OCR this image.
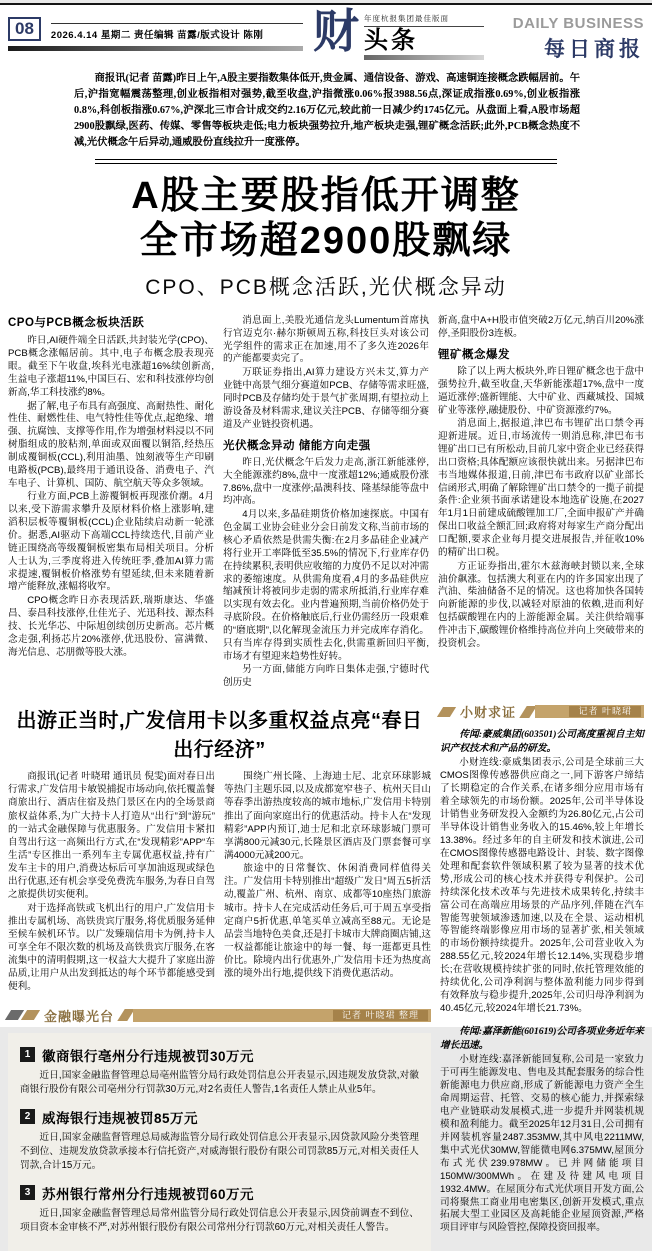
08	2026.4.14 星期二 责任编辑 苗露/版式设计 陈刚	财 年度杭报集团最佳版面
头条
DAILY BUSINESS
每日商报

商报讯(记者 苗露)昨日上午,A股主要指数集体低开,贵金属、通信设备、游戏、高速铜连接概念跌幅居前。午后,沪指宽幅震荡整理,创业板指相对强势,截至收盘,沪指微涨0.06%报3988.56点,深证成指涨0.69%,创业板指涨0.8%,科创板指涨0.67%,沪深北三市合计成交约2.16万亿元,较此前一日减少约1745亿元。从盘面上看,A股市场超2900股飘绿,医药、传媒、零售等板块走低;电力板块强势拉升,地产板块走强,锂矿概念活跃;此外,PCB概念热度不减,光伏概念午后异动,通威股份直线拉升一度涨停。

A股主要股指低开调整
全市场超2900股飘绿
CPO、PCB概念活跃,光伏概念异动
CPO与PCB概念板块活跃

昨日,AI硬件端全日活跃,共封装光学(CPO)、PCB概念涨幅居前。其中,电子布概念股表现亮眼。截至下午收盘,埃科光电涨超16%续创新高,生益电子涨超11%,中国巨石、宏和科技涨停均创新高,华工科技涨约8%。

据了解,电子布具有高强度、高耐热性、耐化性佳、耐燃性佳、电气特性佳等优点,起绝缘、增强、抗腐蚀、支撑等作用,作为增强材料浸以不同树脂组成的胶粘剂,单面或双面覆以铜箔,经热压制成覆铜板(CCL),利用油墨、蚀刻液等生产印刷电路板(PCB),最终用于通讯设备、消费电子、汽车电子、计算机、国防、航空航天等众多领域。

行业方面,PCB上游覆铜板再现涨价潮。4月以来,受下游需求攀升及原材料价格上涨影响,建滔积层板等覆铜板(CCL)企业陆续启动新一轮涨价。据悉,AI驱动下高端CCL持续迭代,目前产业链正围绕高等级覆铜板密集布局相关项目。分析人士认为,三季度将进入传统旺季,叠加AI算力需求提速,覆铜板价格涨势有望延续,但未来随着新增产能释放,涨幅将收窄。

CPO概念昨日亦表现活跃,瑞斯康达、华盛昌、泰昌科技涨停,仕佳光子、光迅科技、源杰科技、长光华芯、中际旭创续创历史新高。芯片概念走强,利扬芯片20%涨停,优迅股份、富满微、海光信息、芯朋微等股大涨。

消息面上,美股光通信龙头Lumentum首席执行官迈克尔·赫尔斯顿周五称,科技巨头对该公司光学组件的需求正在加速,用不了多久连2026年的产能都要卖完了。

万联证券指出,AI算力建设方兴未艾,算力产业链中高景气细分赛道如PCB、存储等需求旺盛,同时PCB及存储均处于景气扩张周期,有望拉动上游设备及材料需求,建议关注PCB、存储等细分赛道及产业链投资机遇。

光伏概念异动 储能方向走强

昨日,光伏概念午后发力走高,浙江新能涨停,大全能源涨约8%,盘中一度涨超12%;通威股份涨7.86%,盘中一度涨停;晶澳科技、隆基绿能等盘中均冲高。

4月以来,多晶硅期货价格加速探底。中国有色金属工业协会硅业分会日前发文称,当前市场的核心矛盾依然是供需失衡:在2月多晶硅企业减产将行业开工率降低至35.5%的情况下,行业库存仍在持续累积,表明供应收缩的力度仍不足以对冲需求的萎缩速度。从供需角度看,4月的多晶硅供应缩减预计将被同步走弱的需求所抵消,行业库存难以实现有效去化。业内普遍预期,当前价格仍处于寻底阶段。在价格触底后,行业仍需经历一段艰难的“磨底期”,以化解现金流压力并完成库存消化。只有当库存得到实质性去化,供需重新回归平衡,市场才有望迎来趋势性好转。

另一方面,储能方向昨日集体走强,宁德时代创历史

新高,盘中A+H股市值突破2万亿元,纳百川20%涨停,圣阳股份3连板。

锂矿概念爆发

除了以上两大板块外,昨日锂矿概念也于盘中强势拉升,截至收盘,天华新能涨超17%,盘中一度逼近涨停;盛新锂能、大中矿业、西藏城投、国城矿业等涨停,融捷股份、中矿资源涨约7%。

消息面上,据报道,津巴布韦锂矿出口禁令再迎新进展。近日,市场流传一则消息称,津巴布韦锂矿出口已有所松动,目前几家中资企业已经获得出口资格;具体配额应该很快就出来。另据津巴布韦当地媒体报道,日前,津巴布韦政府以矿业部长信函形式,明确了解除锂矿出口禁令的一揽子前提条件:企业须书面承诺建设本地选矿设施,在2027年1月1日前建成硫酸锂加工厂,全面申报矿产并确保出口收益全额汇回;政府将对每家生产商分配出口配额,要求企业每月提交进展报告,并征收10%的精矿出口税。

方正证券指出,霍尔木兹海峡封锁以来,全球油价飙涨。包括澳大利亚在内的许多国家出现了汽油、柴油储备不足的情况。这也将加快各国转向新能源的步伐,以减轻对原油的依赖,进而利好包括碳酸锂在内的上游能源金属。关注供给端事件冲击下,碳酸锂价格维持高位并向上突破带来的投资机会。

出游正当时,广发信用卡以多重权益点亮“春日出行经济”

商报讯(记者 叶晓珺 通讯员 倪雯)面对春日出行需求,广发信用卡敏锐捕捉市场动向,依托覆盖餐商旅出行、酒店住宿及热门景区在内的全场景商旅权益体系,为广大持卡人打造从“出行”到“游玩”的一站式金融保障与优惠服务。广发信用卡紧扣自驾出行这一高频出行方式,在“发现精彩”APP“车生活”专区推出一系列车主专属优惠权益,持有广发车主卡的用户,消费达标后可享加油返现或绿色出行优惠,还有机会享受免费洗车服务,为春日自驾之旅提供切实便利。

对于选择高铁或飞机出行的用户,广发信用卡推出专属机场、高铁贵宾厅服务,将优质服务延伸至候车候机环节。以广发臻瑞信用卡为例,持卡人可享全年不限次数的机场及高铁贵宾厅服务,在客流集中的清明假期,这一权益大大提升了家庭出游品质,让用户从出发到抵达的每个环节都能感受到便利。

围绕广州长隆、上海迪士尼、北京环球影城等热门主题乐园,以及成都宽窄巷子、杭州天目山等春季出游热度较高的城市地标,广发信用卡特别推出了面向家庭出行的优惠活动。持卡人在“发现精彩”APP内预订,迪士尼和北京环球影城门票可享满800元减30元,长隆景区酒店及门票套餐可享满4000元减200元。

旅途中的日常餐饮、休闲消费同样值得关注。广发信用卡特别推出“超级广发日”周五5折活动,覆盖广州、杭州、南京、成都等10座热门旅游城市。持卡人在完成活动任务后,可于周五享受指定商户5折优惠,单笔买单立减高至88元。无论是品尝当地特色美食,还是打卡城市大牌商圈店铺,这一权益都能让旅途中的每一餐、每一逛都更具性价比。除境内出行优惠外,广发信用卡还为热度高涨的境外出行地,提供线下消费优惠活动。

金融曝光台	记者 叶晓珺 整理
1 徽商银行亳州分行违规被罚30万元
近日,国家金融监督管理总局亳州监管分局行政处罚信息公开表显示,因违规发放贷款,对徽商银行股份有限公司亳州分行罚款30万元,对2名责任人警告,1名责任人禁止从业5年。
2 威海银行违规被罚85万元
近日,国家金融监督管理总局威海监管分局行政处罚信息公开表显示,因贷款风险分类管理不到位、违规发放贷款承接本行信托资产,对威海银行股份有限公司罚款85万元,对相关责任人罚款,合计15万元。
3 苏州银行常州分行违规被罚60万元
近日,国家金融监督管理总局常州监管分局行政处罚信息公开表显示,因贷前调查不到位、项目资本金审核不严,对苏州银行股份有限公司常州分行罚款60万元,对相关责任人警告。
小财求证	记者 叶晓珺

传闻:豪威集团(603501)公司高度重视自主知识产权技术和产品的研发。

小财连线:豪威集团表示,公司是全球前三大CMOS图像传感器供应商之一,同下游客户缔结了长期稳定的合作关系,在诸多细分应用市场有着全球领先的市场份额。2025年,公司半导体设计销售业务研发投入金额约为26.80亿元,占公司半导体设计销售业务收入的15.46%,较上年增长13.38%。经过多年的自主研发和技术演进,公司在CMOS图像传感器电路设计、封装、数字图像处理和配套软件领域积累了较为显著的技术优势,形成公司的核心技术并获得专利保护。公司持续深化技术改革与先进技术成果转化,持续丰富公司在高端应用场景的产品序列,伴随在汽车智能驾驶领域渗透加速,以及在全景、运动相机等智能终端影像应用市场的显著扩张,相关领域的市场份额持续提升。2025年,公司营业收入为288.55亿元,较2024年增长12.14%,实现稳步增长;在营收规模持续扩张的同时,依托管理效能的持续优化,公司净利润与整体盈利能力同步得到有效释放与稳步提升,2025年,公司归母净利润为40.45亿元,较2024年增长21.73%。

传闻:嘉泽新能(601619)公司各项业务近年来增长迅速。

小财连线:嘉泽新能回复称,公司是一家致力于可再生能源发电、售电及其配套服务的综合性新能源电力供应商,形成了新能源电力资产全生命周期运营、托管、交易的核心能力,并探索绿电产业链联动发展模式,进一步提升并网装机规模和盈利能力。截至2025年12月31日,公司拥有并网装机容量2487.353MW,其中风电2211MW,集中式光伏30MW,智能微电网6.375MW,屋顶分布式光伏239.978MW。已并网储能项目150MW/300MWh。在建及待建风电项目1932.4MW。在屋顶分布式光伏项目开发方面,公司将聚焦工商业用电密集区,创新开发模式,重点拓展大型工业园区及高耗能企业屋顶资源,严格项目评审与风险管控,保障投资回报率。
